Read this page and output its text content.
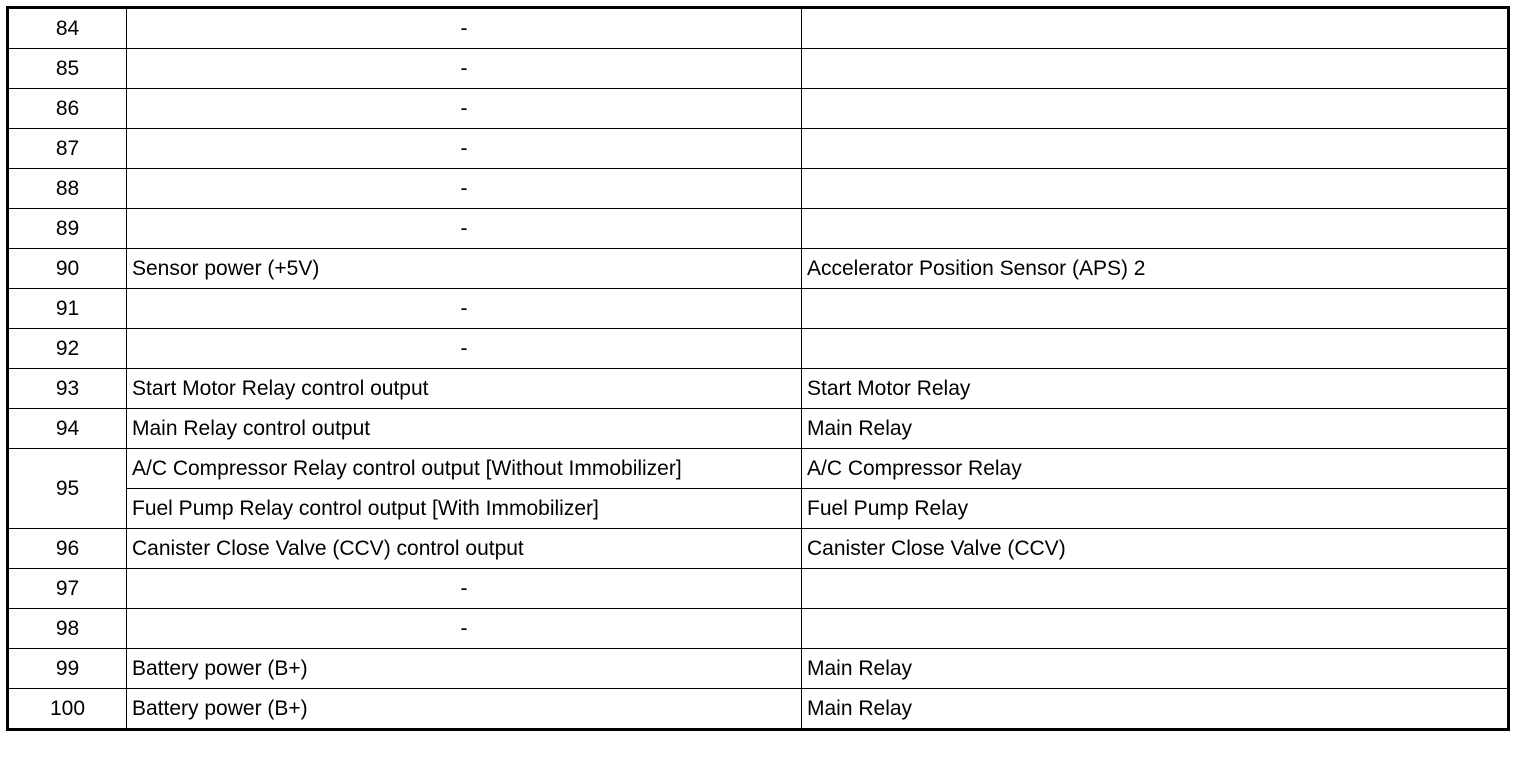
84	-	
85	-	
86	-	
87	-	
88	-	
89	-	
90	Sensor power (+5V)	Accelerator Position Sensor (APS) 2
91	-	
92	-	
93	Start Motor Relay control output	Start Motor Relay
94	Main Relay control output	Main Relay
95	A/C Compressor Relay control output [Without Immobilizer]	A/C Compressor Relay
	Fuel Pump Relay control output [With Immobilizer]	Fuel Pump Relay
96	Canister Close Valve (CCV) control output	Canister Close Valve (CCV)
97	-	
98	-	
99	Battery power (B+)	Main Relay
100	Battery power (B+)	Main Relay
